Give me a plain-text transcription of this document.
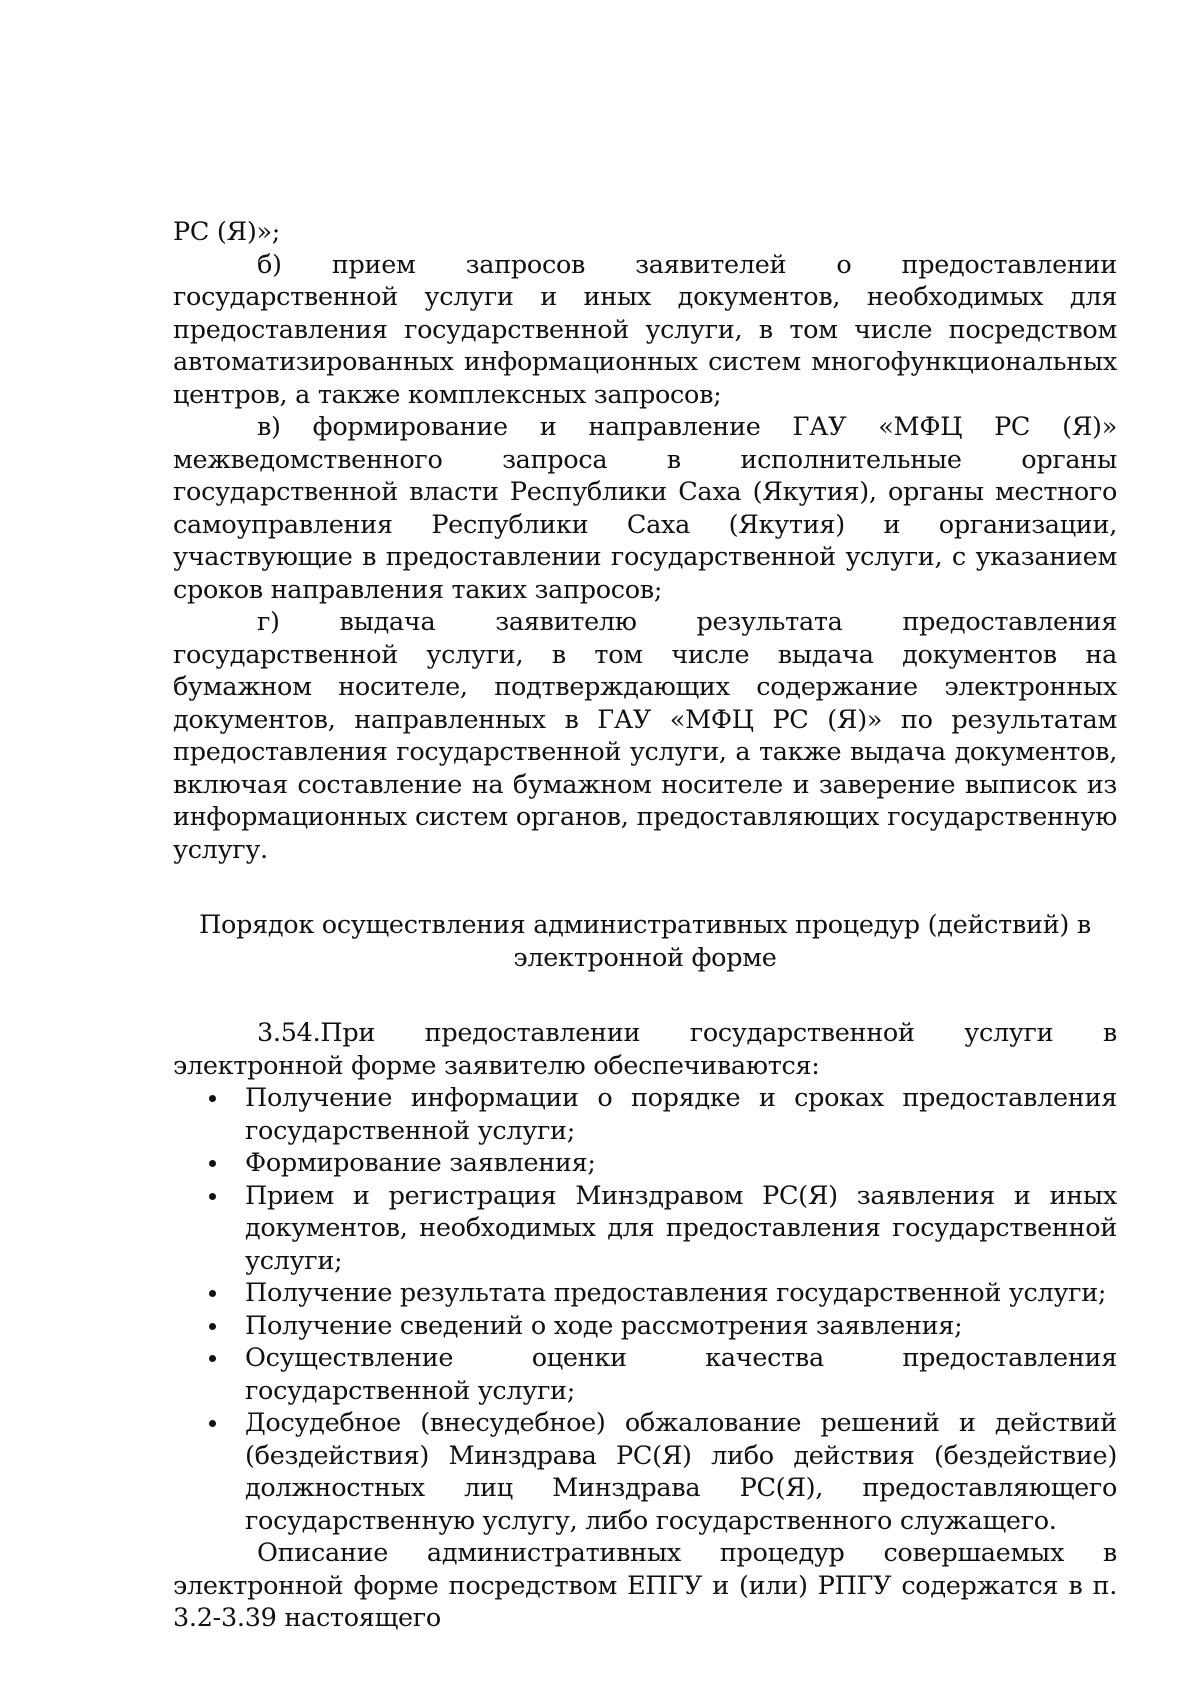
РС (Я)»;

б) прием запросов заявителей о предоставлении государственной услуги и иных документов, необходимых для предоставления государственной услуги, в том числе посредством автоматизированных информационных систем многофункциональных центров, а также комплексных запросов;

в) формирование и направление ГАУ «МФЦ РС (Я)» межведомственного запроса в исполнительные органы государственной власти Республики Саха (Якутия), органы местного самоуправления Республики Саха (Якутия) и организации, участвующие в предоставлении государственной услуги, с указанием сроков направления таких запросов;

г) выдача заявителю результата предоставления государственной услуги, в том числе выдача документов на бумажном носителе, подтверждающих содержание электронных документов, направленных в ГАУ «МФЦ РС (Я)» по результатам предоставления государственной услуги, а также выдача документов, включая составление на бумажном носителе и заверение выписок из информационных систем органов, предоставляющих государственную услугу.

Порядок осуществления административных процедур (действий) в электронной форме

3.54.При предоставлении государственной услуги в электронной форме заявителю обеспечиваются:

Получение информации о порядке и сроках предоставления государственной услуги;
Формирование заявления;
Прием и регистрация Минздравом РС(Я) заявления и иных документов, необходимых для предоставления государственной услуги;
Получение результата предоставления государственной услуги;
Получение сведений о ходе рассмотрения заявления;
Осуществление оценки качества предоставления государственной услуги;
Досудебное (внесудебное) обжалование решений и действий (бездействия) Минздрава РС(Я) либо действия (бездействие) должностных лиц Минздрава РС(Я), предоставляющего государственную услугу, либо государственного служащего.

Описание административных процедур совершаемых в электронной форме посредством ЕПГУ и (или) РПГУ содержатся в п. 3.2-3.39 настоящего
